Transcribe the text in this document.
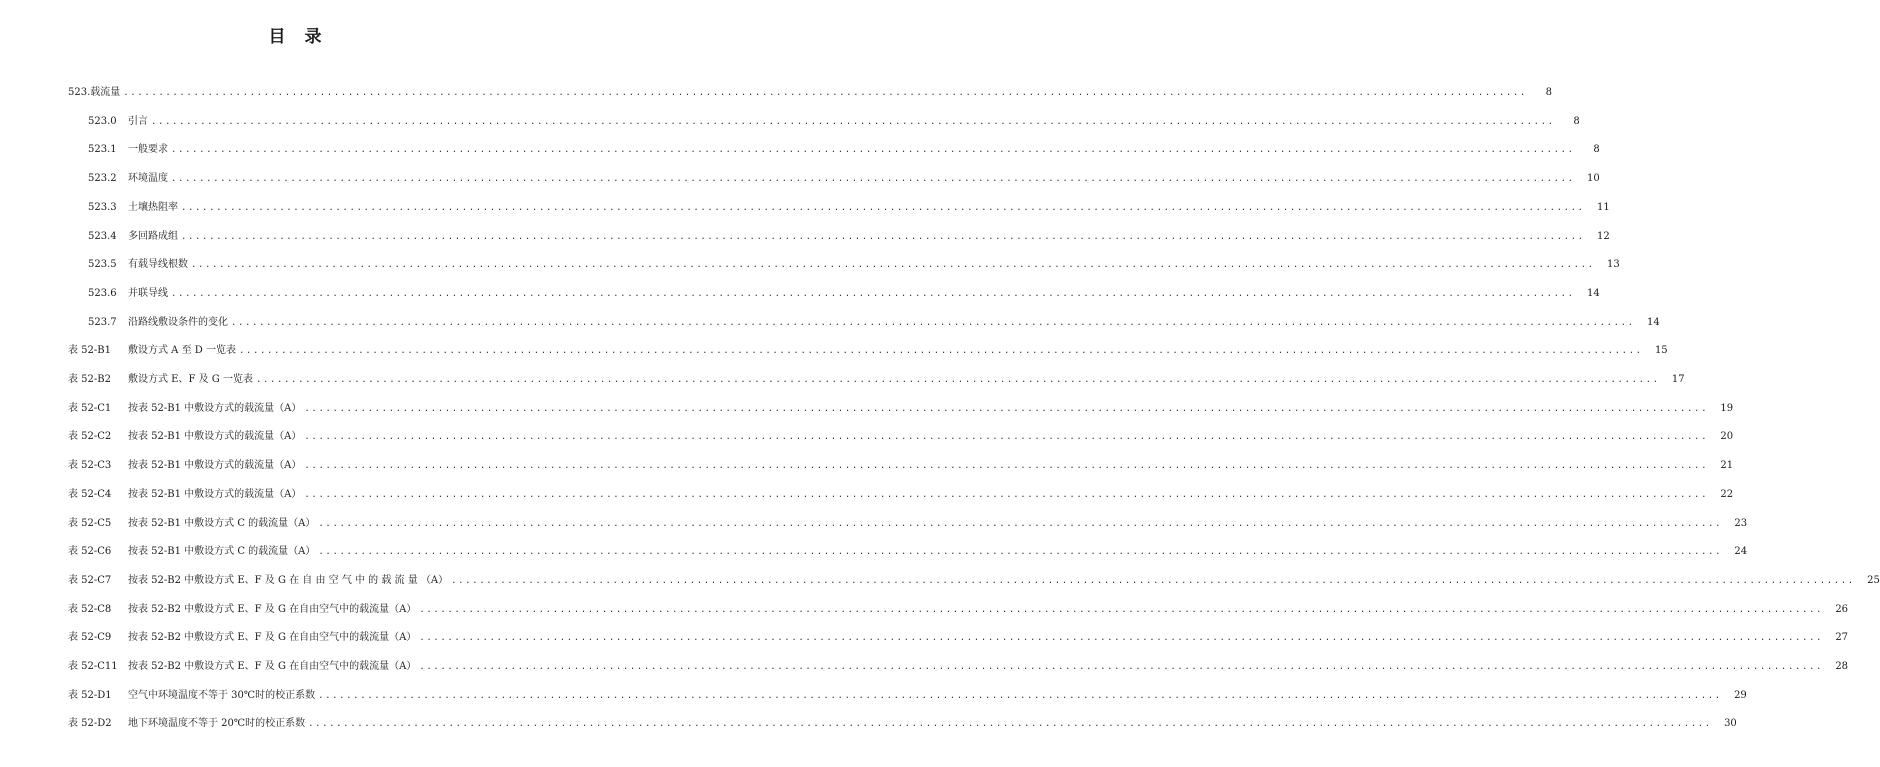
目　录
523.载流量 ........................................................................................................................................................................................................	8
523.0	引言 ........................................................................................................................................................................................................	8
523.1	一般要求 ........................................................................................................................................................................................................	8
523.2	环境温度 ........................................................................................................................................................................................................	10
523.3	土壤热阻率 ........................................................................................................................................................................................................	11
523.4	多回路成组 ........................................................................................................................................................................................................	12
523.5	有载导线根数 ........................................................................................................................................................................................................	13
523.6	并联导线 ........................................................................................................................................................................................................	14
523.7	沿路线敷设条件的变化 ........................................................................................................................................................................................................	14
表 52-B1	敷设方式 A 至 D 一览表 ........................................................................................................................................................................................................	15
表 52-B2	敷设方式 E、F 及 G 一览表 ........................................................................................................................................................................................................	17
表 52-C1	按表 52-B1 中敷设方式的载流量（A） ........................................................................................................................................................................................................	19
表 52-C2	按表 52-B1 中敷设方式的载流量（A） ........................................................................................................................................................................................................	20
表 52-C3	按表 52-B1 中敷设方式的载流量（A） ........................................................................................................................................................................................................	21
表 52-C4	按表 52-B1 中敷设方式的载流量（A） ........................................................................................................................................................................................................	22
表 52-C5	按表 52-B1 中敷设方式 C 的载流量（A） ........................................................................................................................................................................................................	23
表 52-C6	按表 52-B1 中敷设方式 C 的载流量（A） ........................................................................................................................................................................................................	24
表 52-C7	按表 52-B2 中敷设方式 E、F 及 G 在 自 由 空 气 中 的 载 流 量 （A） ........................................................................................................................................................................................................	25
表 52-C8	按表 52-B2 中敷设方式 E、F 及 G 在自由空气中的载流量（A） ........................................................................................................................................................................................................	26
表 52-C9	按表 52-B2 中敷设方式 E、F 及 G 在自由空气中的载流量（A） ........................................................................................................................................................................................................	27
表 52-C11	按表 52-B2 中敷设方式 E、F 及 G 在自由空气中的载流量（A） ........................................................................................................................................................................................................	28
表 52-D1	空气中环境温度不等于 30℃时的校正系数 ........................................................................................................................................................................................................	29
表 52-D2	地下环境温度不等于 20℃时的校正系数 ........................................................................................................................................................................................................	30
